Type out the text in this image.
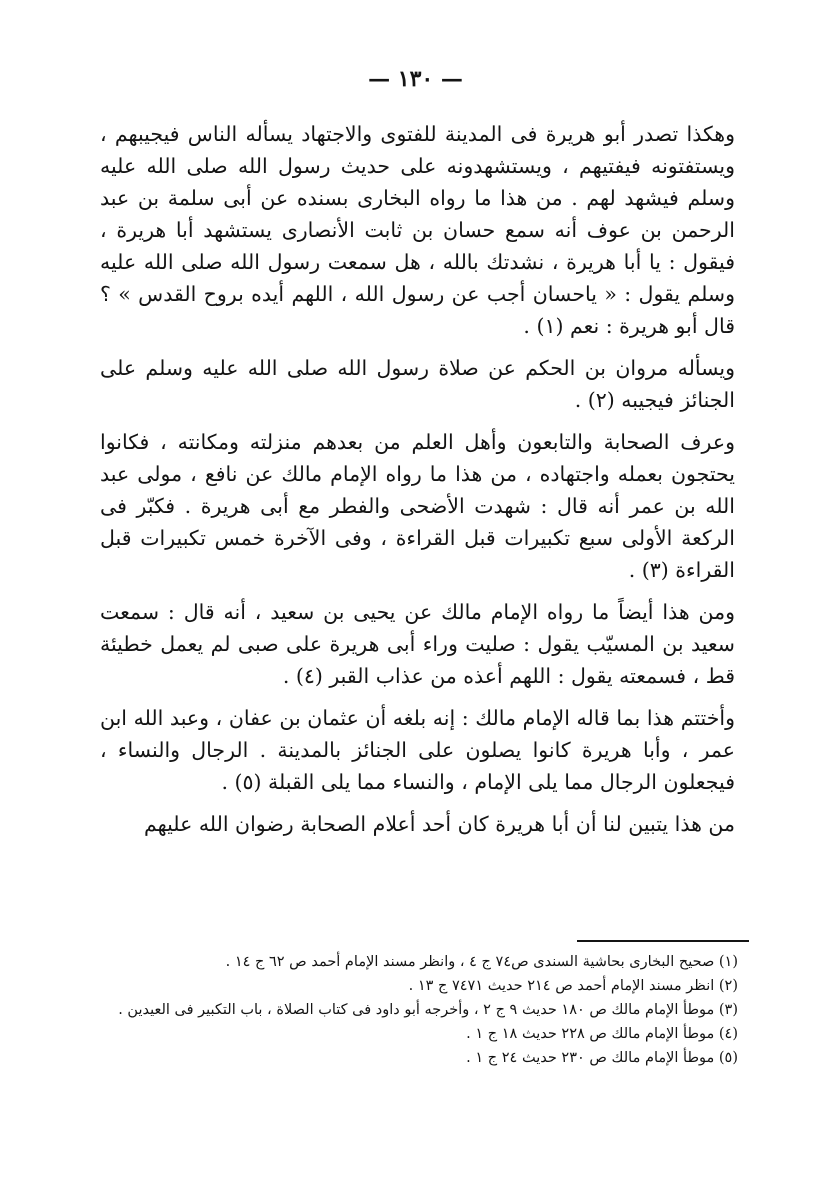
— ١٣٠ —

وهكذا تصدر أبو هريرة فى المدينة للفتوى والاجتهاد يسأله الناس فيجيبهم ، ويستفتونه فيفتيهم ، ويستشهدونه على حديث رسول الله صلى الله عليه وسلم فيشهد لهم . من هذا ما رواه البخارى بسنده عن أبى سلمة بن عبد الرحمن بن عوف أنه سمع حسان بن ثابت الأنصارى يستشهد أبا هريرة ، فيقول : يا أبا هريرة ، نشدتك بالله ، هل سمعت رسول الله صلى الله عليه وسلم يقول : « ياحسان أجب عن رسول الله ، اللهم أيده بروح القدس » ؟ قال أبو هريرة : نعم (١) .

ويسأله مروان بن الحكم عن صلاة رسول الله صلى الله عليه وسلم على الجنائز فيجيبه (٢) .

وعرف الصحابة والتابعون وأهل العلم من بعدهم منزلته ومكانته ، فكانوا يحتجون بعمله واجتهاده ، من هذا ما رواه الإمام مالك عن نافع ، مولى عبد الله بن عمر أنه قال : شهدت الأضحى والفطر مع أبى هريرة . فكبّر فى الركعة الأولى سبع تكبيرات قبل القراءة ، وفى الآخرة خمس تكبيرات قبل القراءة (٣) .

ومن هذا أيضاً ما رواه الإمام مالك عن يحيى بن سعيد ، أنه قال : سمعت سعيد بن المسيّب يقول : صليت وراء أبى هريرة على صبى لم يعمل خطيئة قط ، فسمعته يقول : اللهم أعذه من عذاب القبر (٤) .

وأختتم هذا بما قاله الإمام مالك : إنه بلغه أن عثمان بن عفان ، وعبد الله ابن عمر ، وأبا هريرة كانوا يصلون على الجنائز بالمدينة . الرجال والنساء ، فيجعلون الرجال مما يلى الإمام ، والنساء مما يلى القبلة (٥) .

من هذا يتبين لنا أن أبا هريرة كان أحد أعلام الصحابة رضوان الله عليهم

(١) صحيح البخارى بحاشية السندى ص٧٤ ج ٤ ، وانظر مسند الإمام أحمد ص ٦٢ ج ١٤ .

(٢) انظر مسند الإمام أحمد ص ٢١٤ حديث ٧٤٧١ ج ١٣ .

(٣) موطأ الإمام مالك ص ١٨٠ حديث ٩ ج ٢ ، وأخرجه أبو داود فى كتاب الصلاة ، باب التكبير فى العيدين .

(٤) موطأ الإمام مالك ص ٢٢٨ حديث ١٨ ج ١ .

(٥) موطأ الإمام مالك ص ٢٣٠ حديث ٢٤ ج ١ .
